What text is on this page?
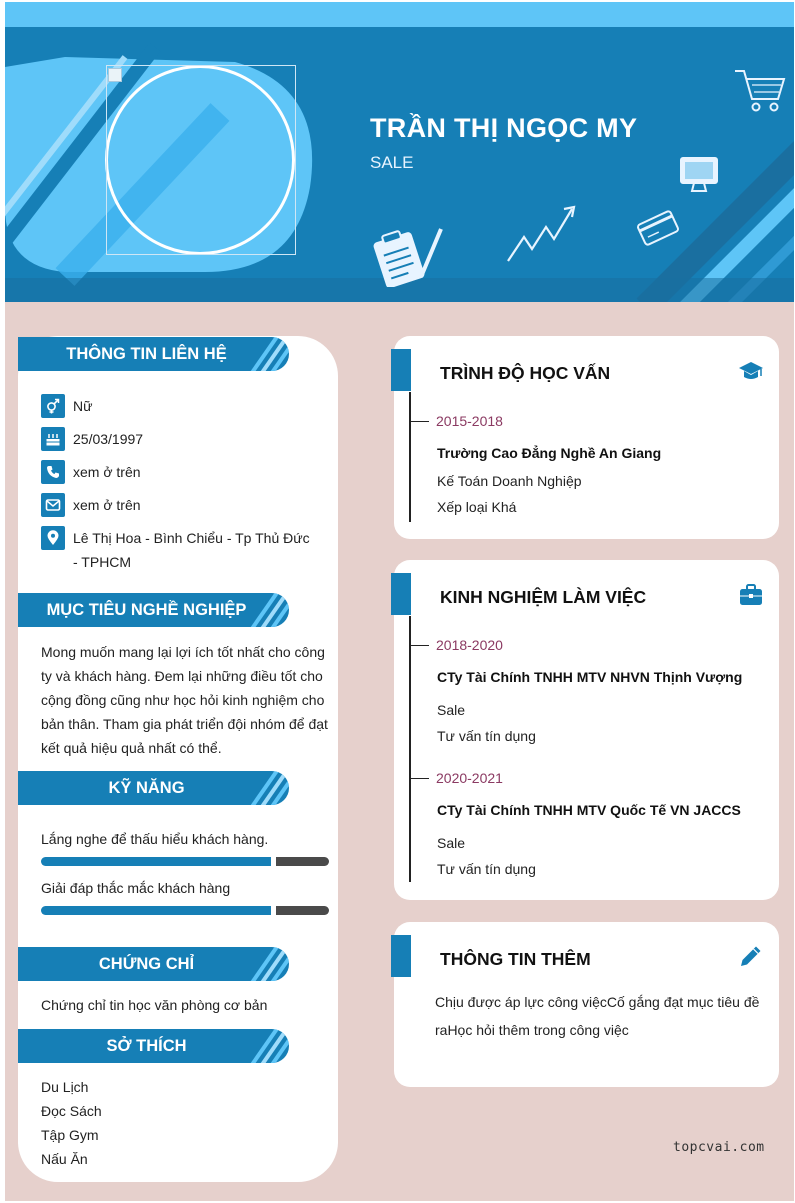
TRẦN THỊ NGỌC MY
SALE
THÔNG TIN LIÊN HỆ
Nữ
25/03/1997
xem ở trên
xem ở trên
Lê Thị Hoa - Bình Chiểu - Tp Thủ Đức - TPHCM
MỤC TIÊU NGHỀ NGHIỆP
Mong muốn mang lại lợi ích tốt nhất cho công ty và khách hàng. Đem lại những điều tốt cho cộng đồng cũng như học hỏi kinh nghiệm cho bản thân. Tham gia phát triển đội nhóm để đạt kết quả hiệu quả nhất có thể.
KỸ NĂNG
Lắng nghe để thấu hiểu khách hàng.
Giải đáp thắc mắc khách hàng
CHỨNG CHỈ
Chứng chỉ tin học văn phòng cơ bản
SỞ THÍCH
Du Lịch
Đọc Sách
Tập Gym
Nấu Ăn
TRÌNH ĐỘ HỌC VẤN
2015-2018
Trường Cao Đẳng Nghề An Giang
Kế Toán Doanh Nghiệp
Xếp loại Khá
KINH NGHIỆM LÀM VIỆC
2018-2020
CTy Tài Chính TNHH MTV NHVN Thịnh Vượng
Sale
Tư vấn tín dụng
2020-2021
CTy Tài Chính TNHH MTV Quốc Tế VN JACCS
Sale
Tư vấn tín dụng
THÔNG TIN THÊM
Chịu được áp lực công việcCố gắng đạt mục tiêu đề raHọc hỏi thêm trong công việc
topcvai.com
